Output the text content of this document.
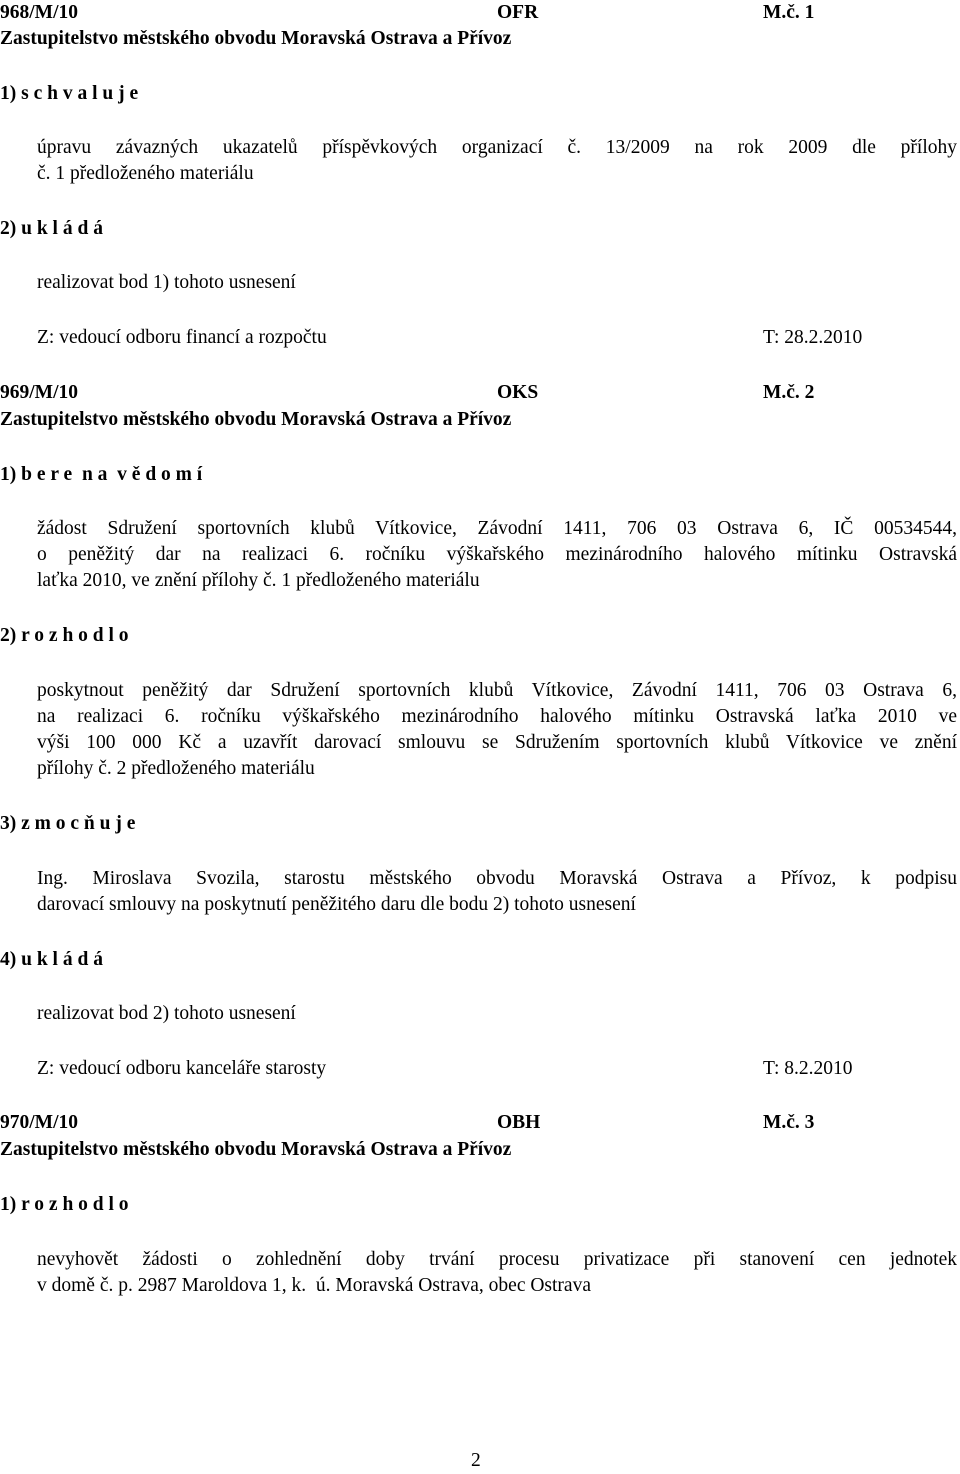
968/M/10	OFR	M.č. 1
Zastupitelstvo městského obvodu Moravská Ostrava a Přívoz
1) s c h v a l u j e
úpravu závazných ukazatelů příspěvkových organizací č. 13/2009 na rok 2009 dle přílohy
č. 1 předloženého materiálu
2) u k l á d á
realizovat bod 1) tohoto usnesení
Z: vedoucí odboru financí a rozpočtu	T: 28.2.2010
969/M/10	OKS	M.č. 2
Zastupitelstvo městského obvodu Moravská Ostrava a Přívoz
1) b e r e  n a  v ě d o m í
žádost Sdružení sportovních klubů Vítkovice, Závodní 1411, 706 03 Ostrava 6, IČ 00534544,
o peněžitý dar na realizaci 6. ročníku výškařského mezinárodního halového mítinku Ostravská
laťka 2010, ve znění přílohy č. 1 předloženého materiálu
2) r o z h o d l o
poskytnout peněžitý dar Sdružení sportovních klubů Vítkovice, Závodní 1411, 706 03 Ostrava 6,
na realizaci 6. ročníku výškařského mezinárodního halového mítinku Ostravská laťka 2010 ve
výši 100 000 Kč a uzavřít darovací smlouvu se Sdružením sportovních klubů Vítkovice ve znění
přílohy č. 2 předloženého materiálu
3) z m o c ň u j e
Ing. Miroslava Svozila, starostu městského obvodu Moravská Ostrava a Přívoz, k podpisu
darovací smlouvy na poskytnutí peněžitého daru dle bodu 2) tohoto usnesení
4) u k l á d á
realizovat bod 2) tohoto usnesení
Z: vedoucí odboru kanceláře starosty	T: 8.2.2010
970/M/10	OBH	M.č. 3
Zastupitelstvo městského obvodu Moravská Ostrava a Přívoz
1) r o z h o d l o
nevyhovět žádosti o zohlednění doby trvání procesu privatizace při stanovení cen jednotek
v domě č. p. 2987 Maroldova 1, k.  ú. Moravská Ostrava, obec Ostrava
2
